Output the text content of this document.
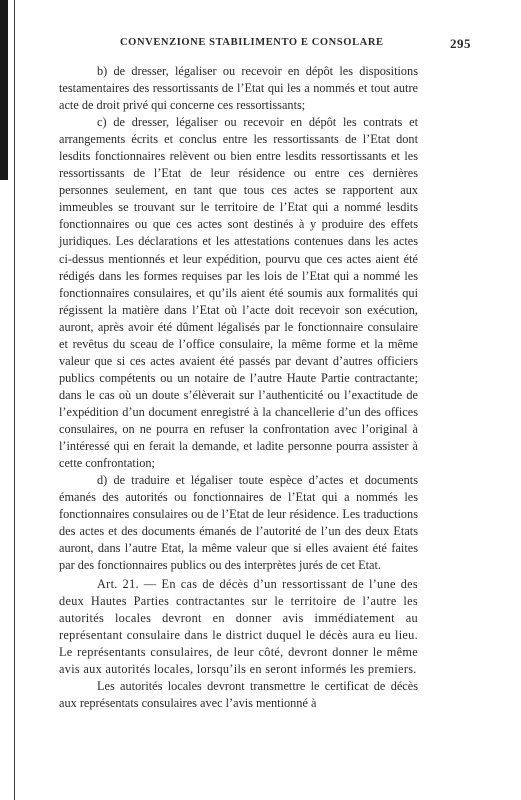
CONVENZIONE STABILIMENTO E CONSOLARE	295

b) de dresser, légaliser ou recevoir en dépôt les dispositions testamentaires des ressortissants de l’Etat qui les a nommés et tout autre acte de droit privé qui concerne ces ressortissants;

c) de dresser, légaliser ou recevoir en dépôt les contrats et arrangements écrits et conclus entre les ressortissants de l’Etat dont lesdits fonctionnaires relèvent ou bien entre lesdits ressortissants et les ressortissants de l’Etat de leur résidence ou entre ces dernières personnes seulement, en tant que tous ces actes se rapportent aux immeubles se trouvant sur le territoire de l’Etat qui a nommé lesdits fonctionnaires ou que ces actes sont destinés à y produire des effets juridiques. Les déclarations et les attestations contenues dans les actes ci-dessus mentionnés et leur expédition, pourvu que ces actes aient été rédigés dans les formes requises par les lois de l’Etat qui a nommé les fonctionnaires consulaires, et qu’ils aient été soumis aux formalités qui régissent la matière dans l’Etat où l’acte doit recevoir son exécution, auront, après avoir été dûment légalisés par le fonctionnaire consulaire et revêtus du sceau de l’office consulaire, la même forme et la même valeur que si ces actes avaient été passés par devant d’autres officiers publics compétents ou un notaire de l’autre Haute Partie contractante; dans le cas où un doute s’élèverait sur l’authenticité ou l’exactitude de l’expédition d’un document enregistré à la chancellerie d’un des offices consulaires, on ne pourra en refuser la confrontation avec l’original à l’intéressé qui en ferait la demande, et ladite personne pourra assister à cette confrontation;

d) de traduire et légaliser toute espèce d’actes et documents émanés des autorités ou fonctionnaires de l’Etat qui a nommés les fonctionnaires consulaires ou de l’Etat de leur résidence. Les traductions des actes et des documents émanés de l’autorité de l’un des deux Etats auront, dans l’autre Etat, la même valeur que si elles avaient été faites par des fonctionnaires publics ou des interprètes jurés de cet Etat.

Art. 21. — En cas de décès d’un ressortissant de l’une des deux Hautes Parties contractantes sur le territoire de l’autre les autorités locales devront en donner avis immédiatement au représentant consulaire dans le district duquel le décès aura eu lieu. Le représentants consulaires, de leur côté, devront donner le même avis aux autorités locales, lorsqu’ils en seront informés les premiers.

Les autorités locales devront transmettre le certificat de décès aux représentats consulaires avec l’avis mentionné à
